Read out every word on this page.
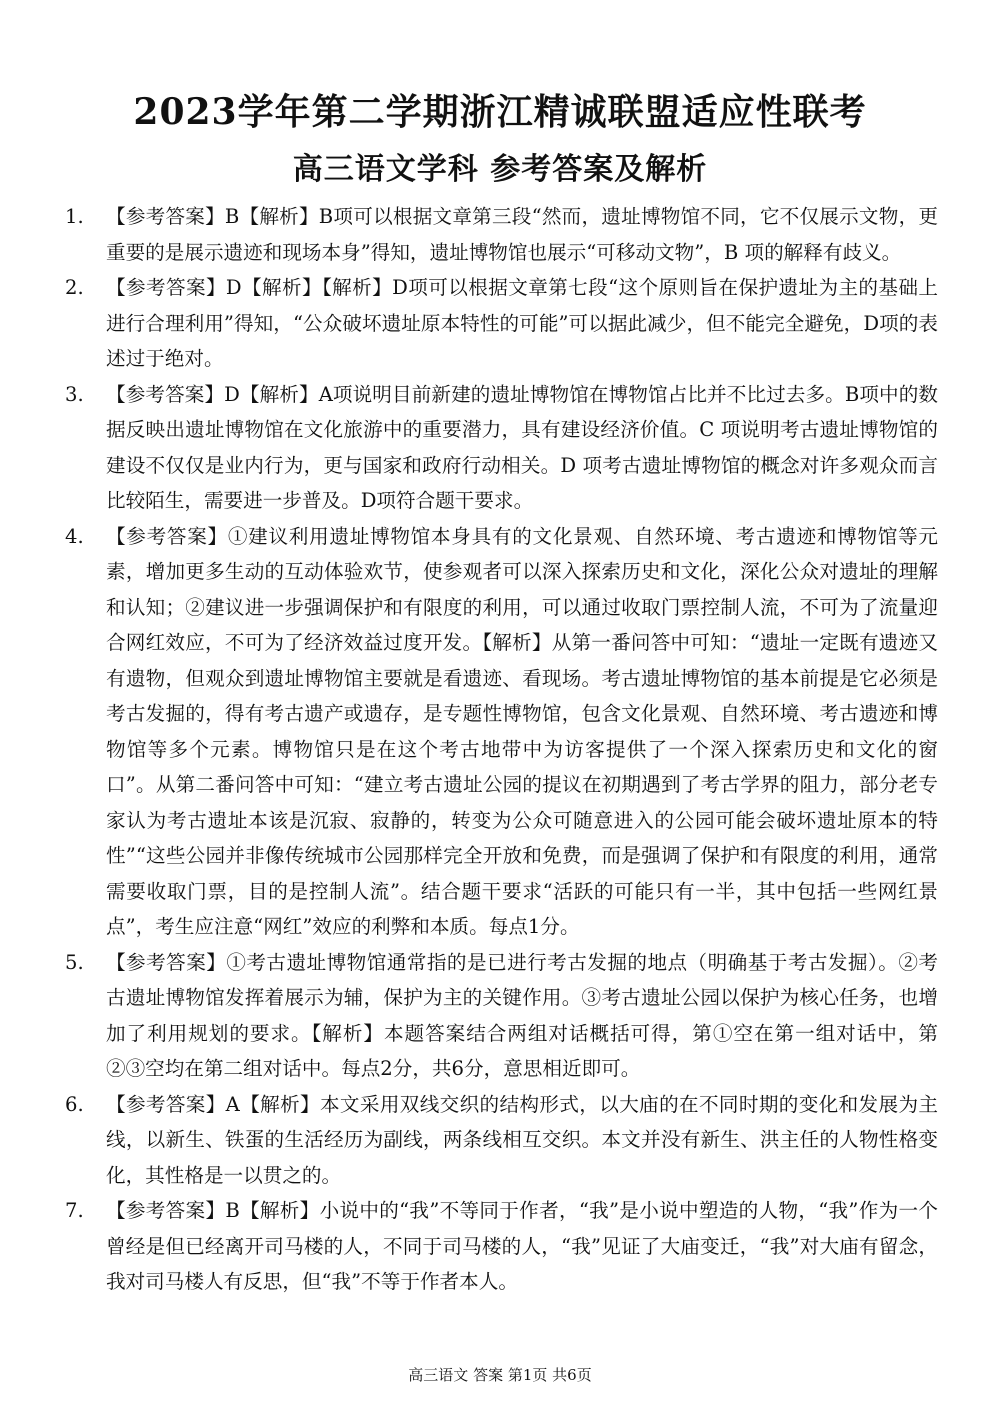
2023学年第二学期浙江精诚联盟适应性联考
高三语文学科 参考答案及解析
1. 【参考答案】B【解析】B项可以根据文章第三段“然而，遗址博物馆不同，它不仅展示文物，更重要的是展示遗迹和现场本身”得知，遗址博物馆也展示“可移动文物”，B 项的解释有歧义。
2. 【参考答案】D【解析】【解析】D项可以根据文章第七段“这个原则旨在保护遗址为主的基础上进行合理利用”得知，“公众破坏遗址原本特性的可能”可以据此减少，但不能完全避免，D项的表述过于绝对。
3. 【参考答案】D【解析】A项说明目前新建的遗址博物馆在博物馆占比并不比过去多。B项中的数据反映出遗址博物馆在文化旅游中的重要潜力，具有建设经济价值。C 项说明考古遗址博物馆的建设不仅仅是业内行为，更与国家和政府行动相关。D 项考古遗址博物馆的概念对许多观众而言比较陌生，需要进一步普及。D项符合题干要求。
4. 【参考答案】①建议利用遗址博物馆本身具有的文化景观、自然环境、考古遗迹和博物馆等元素，增加更多生动的互动体验欢节，使参观者可以深入探索历史和文化，深化公众对遗址的理解和认知；②建议进一步强调保护和有限度的利用，可以通过收取门票控制人流，不可为了流量迎合网红效应，不可为了经济效益过度开发。【解析】从第一番问答中可知：“遗址一定既有遗迹又有遗物，但观众到遗址博物馆主要就是看遗迹、看现场。考古遗址博物馆的基本前提是它必须是考古发掘的，得有考古遗产或遗存，是专题性博物馆，包含文化景观、自然环境、考古遗迹和博物馆等多个元素。博物馆只是在这个考古地带中为访客提供了一个深入探索历史和文化的窗口”。从第二番问答中可知：“建立考古遗址公园的提议在初期遇到了考古学界的阻力，部分老专家认为考古遗址本该是沉寂、寂静的，转变为公众可随意进入的公园可能会破坏遗址原本的特性”“这些公园并非像传统城市公园那样完全开放和免费，而是强调了保护和有限度的利用，通常需要收取门票，目的是控制人流”。结合题干要求“活跃的可能只有一半，其中包括一些网红景点”，考生应注意“网红”效应的利弊和本质。每点1分。
5. 【参考答案】①考古遗址博物馆通常指的是已进行考古发掘的地点（明确基于考古发掘）。②考古遗址博物馆发挥着展示为辅，保护为主的关键作用。③考古遗址公园以保护为核心任务，也增加了利用规划的要求。【解析】本题答案结合两组对话概括可得，第①空在第一组对话中，第②③空均在第二组对话中。每点2分，共6分，意思相近即可。
6. 【参考答案】A【解析】本文采用双线交织的结构形式，以大庙的在不同时期的变化和发展为主线，以新生、铁蛋的生活经历为副线，两条线相互交织。本文并没有新生、洪主任的人物性格变化，其性格是一以贯之的。
7. 【参考答案】B【解析】小说中的“我”不等同于作者，“我”是小说中塑造的人物，“我”作为一个曾经是但已经离开司马楼的人，不同于司马楼的人，“我”见证了大庙变迁，“我”对大庙有留念，我对司马楼人有反思，但“我”不等于作者本人。
高三语文 答案 第1页 共6页
